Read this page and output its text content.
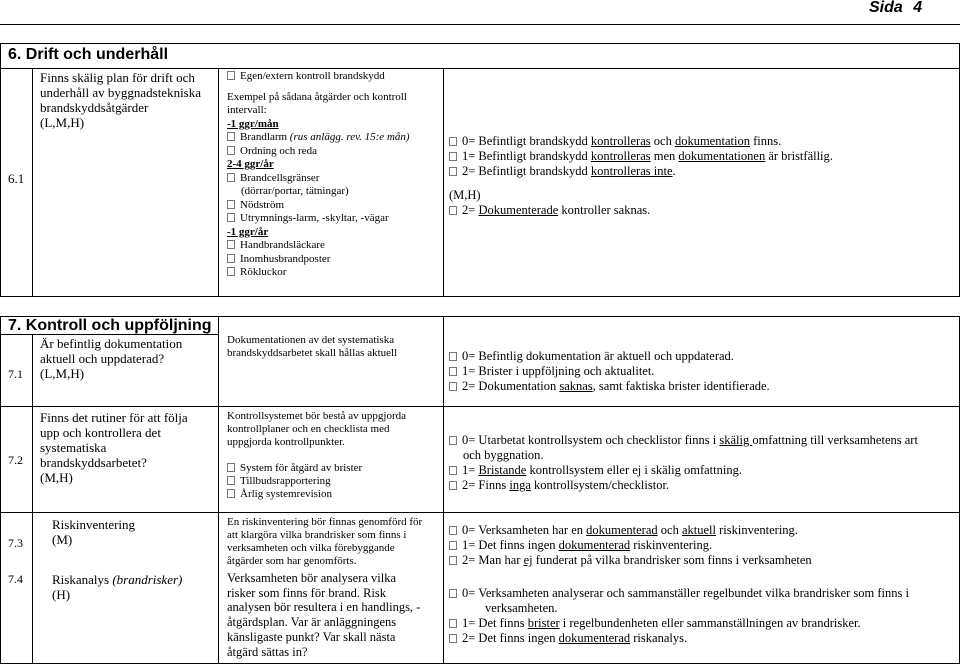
Sida 4
6. Drift och underhåll
6.1
Finns skälig plan för drift och
underhåll av byggnadstekniska
brandskyddsåtgärder
(L,M,H)
Egen/extern kontroll brandskydd
Exempel på sådana åtgärder och kontroll
intervall:
-1 ggr/mån
Brandlarm (rus anlägg. rev. 15:e mån)
Ordning och reda
2-4 ggr/år
Brandcellsgränser
(dörrar/portar, tätningar)
Nödström
Utrymnings-larm, -skyltar, -vägar
-1 ggr/år
Handbrandsläckare
Inomhusbrandposter
Rökluckor
0= Befintligt brandskydd kontrolleras och dokumentation finns.
1= Befintligt brandskydd kontrolleras men dokumentationen är bristfällig.
2= Befintligt brandskydd kontrolleras inte.
(M,H)
2= Dokumenterade kontroller saknas.
7. Kontroll och uppföljning
7.1
Är befintlig dokumentation
aktuell och uppdaterad?
(L,M,H)
Dokumentationen av det systematiska
brandskyddsarbetet skall hållas aktuell	0= Befintlig dokumentation är aktuell och uppdaterad.
1= Brister i uppföljning och aktualitet.
2= Dokumentation saknas, samt faktiska brister identifierade.
7.2
Finns det rutiner för att följa
upp och kontrollera det
systematiska
brandskyddsarbetet?
(M,H)
Kontrollsystemet bör bestå av uppgjorda
kontrollplaner och en checklista med
uppgjorda kontrollpunkter.
System för åtgärd av brister
Tillbudsrapportering
Årlig systemrevision
0= Utarbetat kontrollsystem och checklistor finns i skälig omfattning till verksamhetens art
och byggnation.
1= Bristande kontrollsystem eller ej i skälig omfattning.
2= Finns inga kontrollsystem/checklistor.
7.3
Riskinventering
(M)
En riskinventering bör finnas genomförd för
att klargöra vilka brandrisker som finns i
verksamheten och vilka förebyggande
åtgärder som har genomförts.
0= Verksamheten har en dokumenterad och aktuell riskinventering.
1= Det finns ingen dokumenterad riskinventering.
2= Man har ej funderat på vilka brandrisker som finns i verksamheten
7.4 Riskanalys (brandrisker)
(H)
Verksamheten bör analysera vilka
risker som finns för brand. Risk
analysen bör resultera i en handlings, -
åtgärdsplan. Var är anläggningens
känsligaste punkt? Var skall nästa
åtgärd sättas in?
0= Verksamheten analyserar och sammanställer regelbundet vilka brandrisker som finns i
verksamheten.
1= Det finns brister i regelbundenheten eller sammanställningen av brandrisker.
2= Det finns ingen dokumenterad riskanalys.
